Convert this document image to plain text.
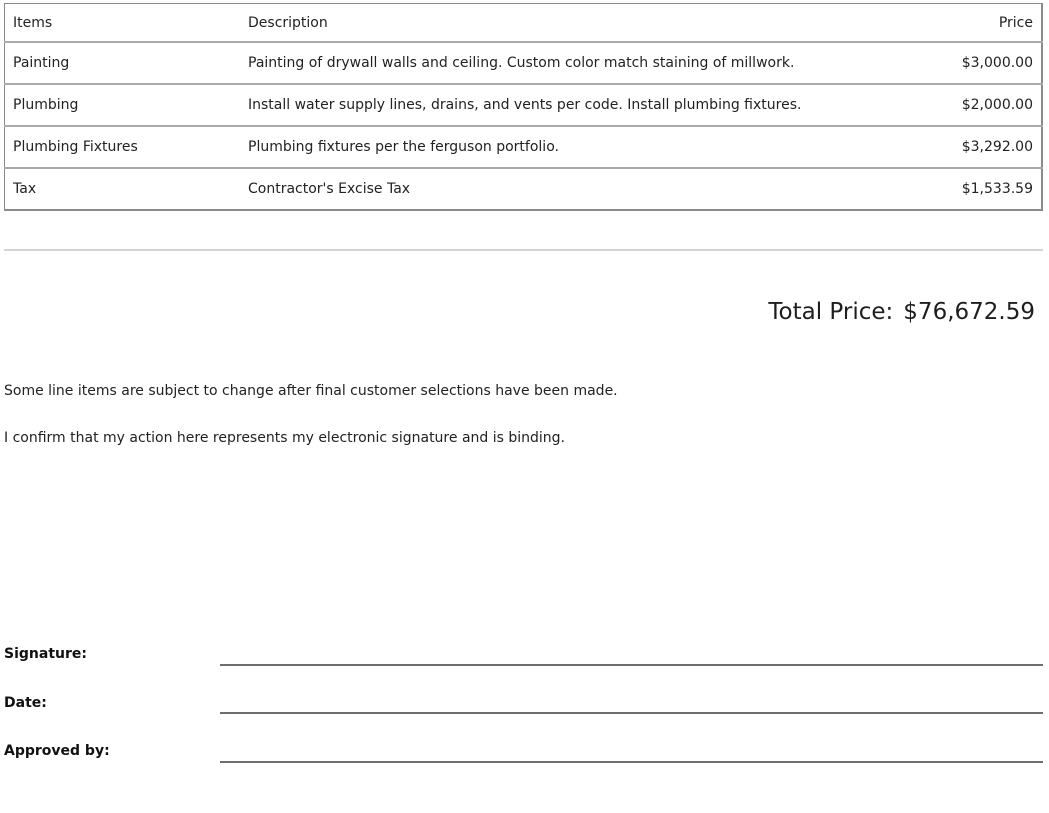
Items	Description	Price
Painting	Painting of drywall walls and ceiling. Custom color match staining of millwork.	$3,000.00
Plumbing	Install water supply lines, drains, and vents per code. Install plumbing fixtures.	$2,000.00
Plumbing Fixtures	Plumbing fixtures per the ferguson portfolio.	$3,292.00
Tax	Contractor's Excise Tax	$1,533.59
Total Price: $76,672.59
Some line items are subject to change after final customer selections have been made.
I confirm that my action here represents my electronic signature and is binding.
Signature:
Date:
Approved by:
